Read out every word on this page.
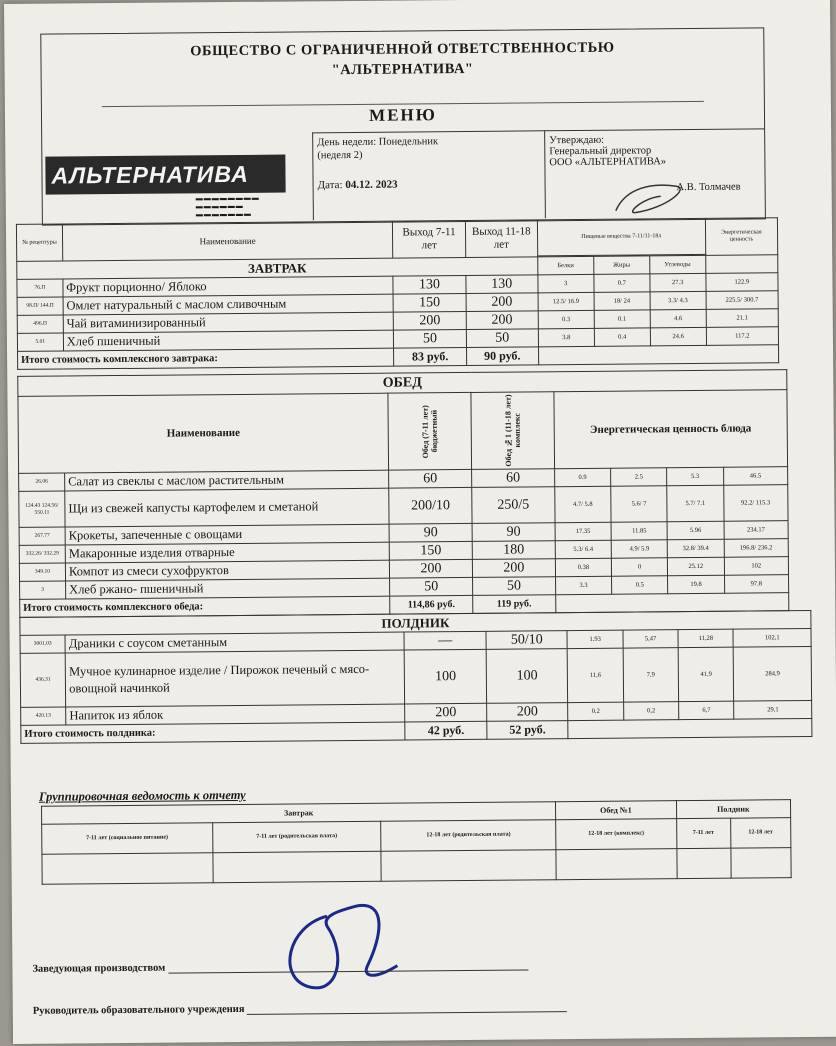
ОБЩЕСТВО С ОГРАНИЧЕННОЙ ОТВЕТСТВЕННОСТЬЮ
"АЛЬТЕРНАТИВА"
МЕНЮ
АЛЬТЕРНАТИВА
▬▬▬▬▬▬▬▬
▬▬▬▬▬▬
▬▬▬▬▬▬▬
День недели: Понедельник
(неделя 2)
Дата: 04.12. 2023
Утверждаю:
Генеральный директор
ООО «АЛЬТЕРНАТИВА»
А.В. Толмачев
№ рецептуры	Наименование	Выход 7-11 лет	Выход 11-18 лет	Пищевые вещества 7-11/11-18л			Энергетическая ценность

ЗАВТРАК				Белки	Жиры	Углеводы	
76.П	Фрукт порционно/ Яблоко	130	130	3	0.7	27.3	122.9
98.П/ 144.П	Омлет натуральный с маслом сливочным	150	200	12.5/ 16.9	18/ 24	3.3/ 4.3	225.5/ 300.7
496.П	Чай витаминизированный	200	200	0.3	0.1	4.6	21.1
5.01	Хлеб пшеничный	50	50	3.8	0.4	24.6	117.2
Итого стоимость комплексного завтрака:		83 руб.	90 руб.				
ОБЕД							
Наименование		Обед (7-11 лет) бюджетный	Обед №1 (11-18 лет) комплекс	Энергетическая ценность блюда			
26.06	Салат из свеклы с маслом растительным	60	60	0.9	2.5	5.3	46.5
124.43 124.56/ 550.11	Щи из свежей капусты картофелем и сметаной	200/10	250/5	4.7/ 5.8	5.6/ 7	5.7/ 7.1	92.2/ 115.3
267.77	Крокеты, запеченные с овощами	90	90	17.35	11.85	5.96	234.17
332.26/ 332.29	Макаронные изделия отварные	150	180	5.3/ 6.4	4.9/ 5.9	32.8/ 39.4	196.8/ 236.2
349.10	Компот из смеси сухофруктов	200	200	0.38	0	25.12	102
3	Хлеб ржано- пшеничный	50	50	3.3	0.5	19.8	97.8
Итого стоимость комплексного обеда:		114,86 руб.	119 руб.				
ПОЛДНИК							
3001.03	Драники с соусом сметанным	—	50/10	1.93	5,47	11,28	102,1
436.31	Мучное кулинарное изделие / Пирожок печеный с мясо-овощной начинкой	100	100	11,6	7,9	41,9	284,9
420.13	Напиток из яблок	200	200	0,2	0,2	6,7	29,1
Итого стоимость полдника:		42 руб.	52 руб.				
Группировочная ведомость к отчету
Завтрак			Обед №1	Полдник	
7-11 лет (социальное питание)	7-11 лет (родительская плата)	12-18 лет (родительская плата)	12-18 лет (комплекс)	7-11 лет	12-18 лет

Заведующая производством
Руководитель образовательного учреждения
